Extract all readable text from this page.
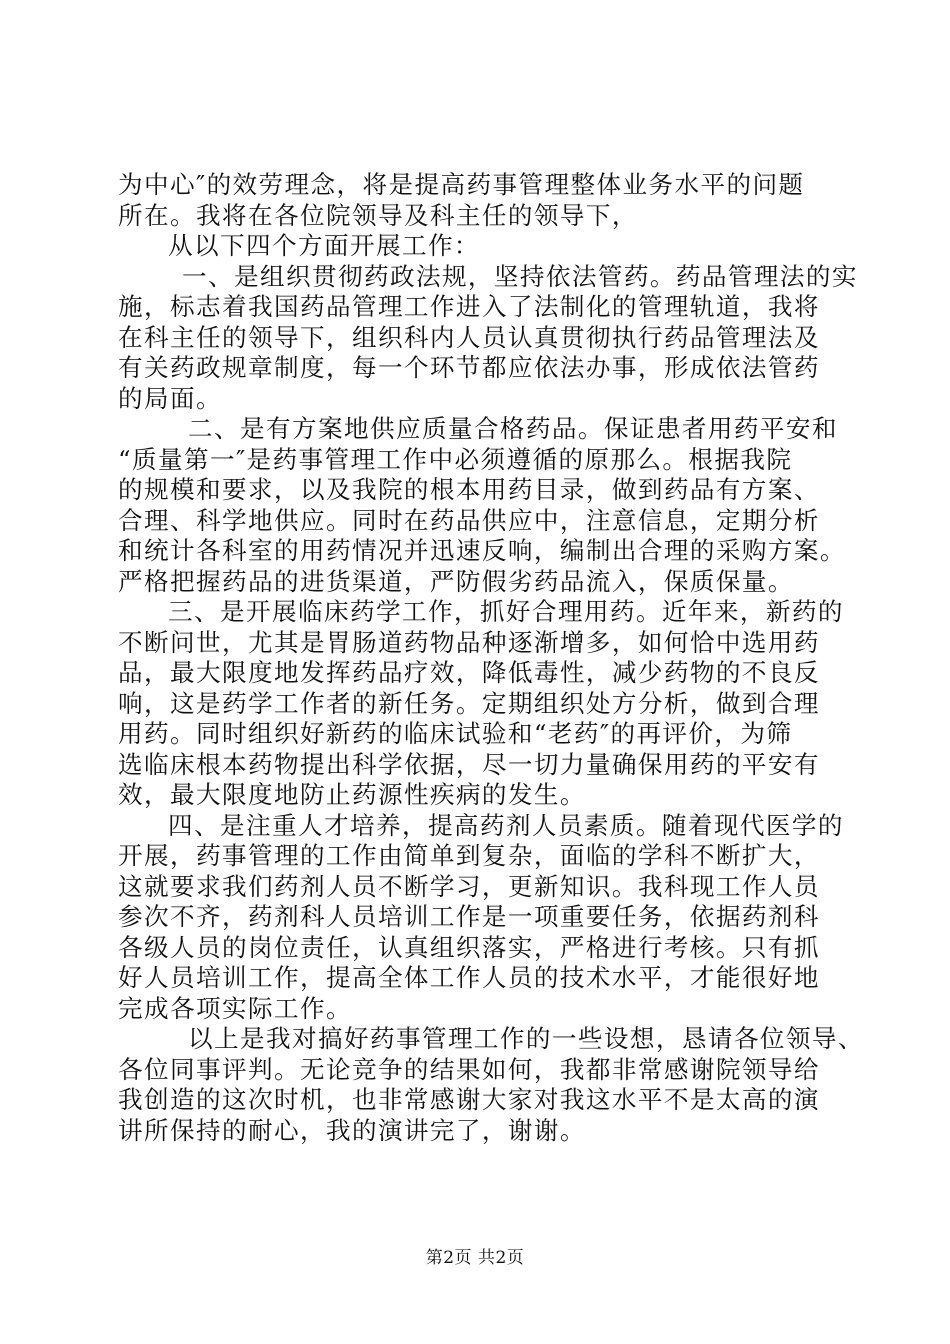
为中心″的效劳理念，将是提高药事管理整体业务水平的问题
所在。我将在各位院领导及科主任的领导下，
从以下四个方面开展工作：
一、是组织贯彻药政法规，坚持依法管药。药品管理法的实
施，标志着我国药品管理工作进入了法制化的管理轨道，我将
在科主任的领导下，组织科内人员认真贯彻执行药品管理法及
有关药政规章制度，每一个环节都应依法办事，形成依法管药
的局面。
二、是有方案地供应质量合格药品。保证患者用药平安和
“质量第一″是药事管理工作中必须遵循的原那么。根据我院
的规模和要求，以及我院的根本用药目录，做到药品有方案、
合理、科学地供应。同时在药品供应中，注意信息，定期分析
和统计各科室的用药情况并迅速反响，编制出合理的采购方案。
严格把握药品的进货渠道，严防假劣药品流入，保质保量。
三、是开展临床药学工作，抓好合理用药。近年来，新药的
不断问世，尤其是胃肠道药物品种逐渐增多，如何恰中选用药
品，最大限度地发挥药品疗效，降低毒性，减少药物的不良反
响，这是药学工作者的新任务。定期组织处方分析，做到合理
用药。同时组织好新药的临床试验和“老药″的再评价，为筛
选临床根本药物提出科学依据，尽一切力量确保用药的平安有
效，最大限度地防止药源性疾病的发生。
四、是注重人才培养，提高药剂人员素质。随着现代医学的
开展，药事管理的工作由简单到复杂，面临的学科不断扩大，
这就要求我们药剂人员不断学习，更新知识。我科现工作人员
参次不齐，药剂科人员培训工作是一项重要任务，依据药剂科
各级人员的岗位责任，认真组织落实，严格进行考核。只有抓
好人员培训工作，提高全体工作人员的技术水平，才能很好地
完成各项实际工作。
以上是我对搞好药事管理工作的一些设想，恳请各位领导、
各位同事评判。无论竞争的结果如何，我都非常感谢院领导给
我创造的这次时机，也非常感谢大家对我这水平不是太高的演
讲所保持的耐心，我的演讲完了，谢谢。
第2页 共2页
